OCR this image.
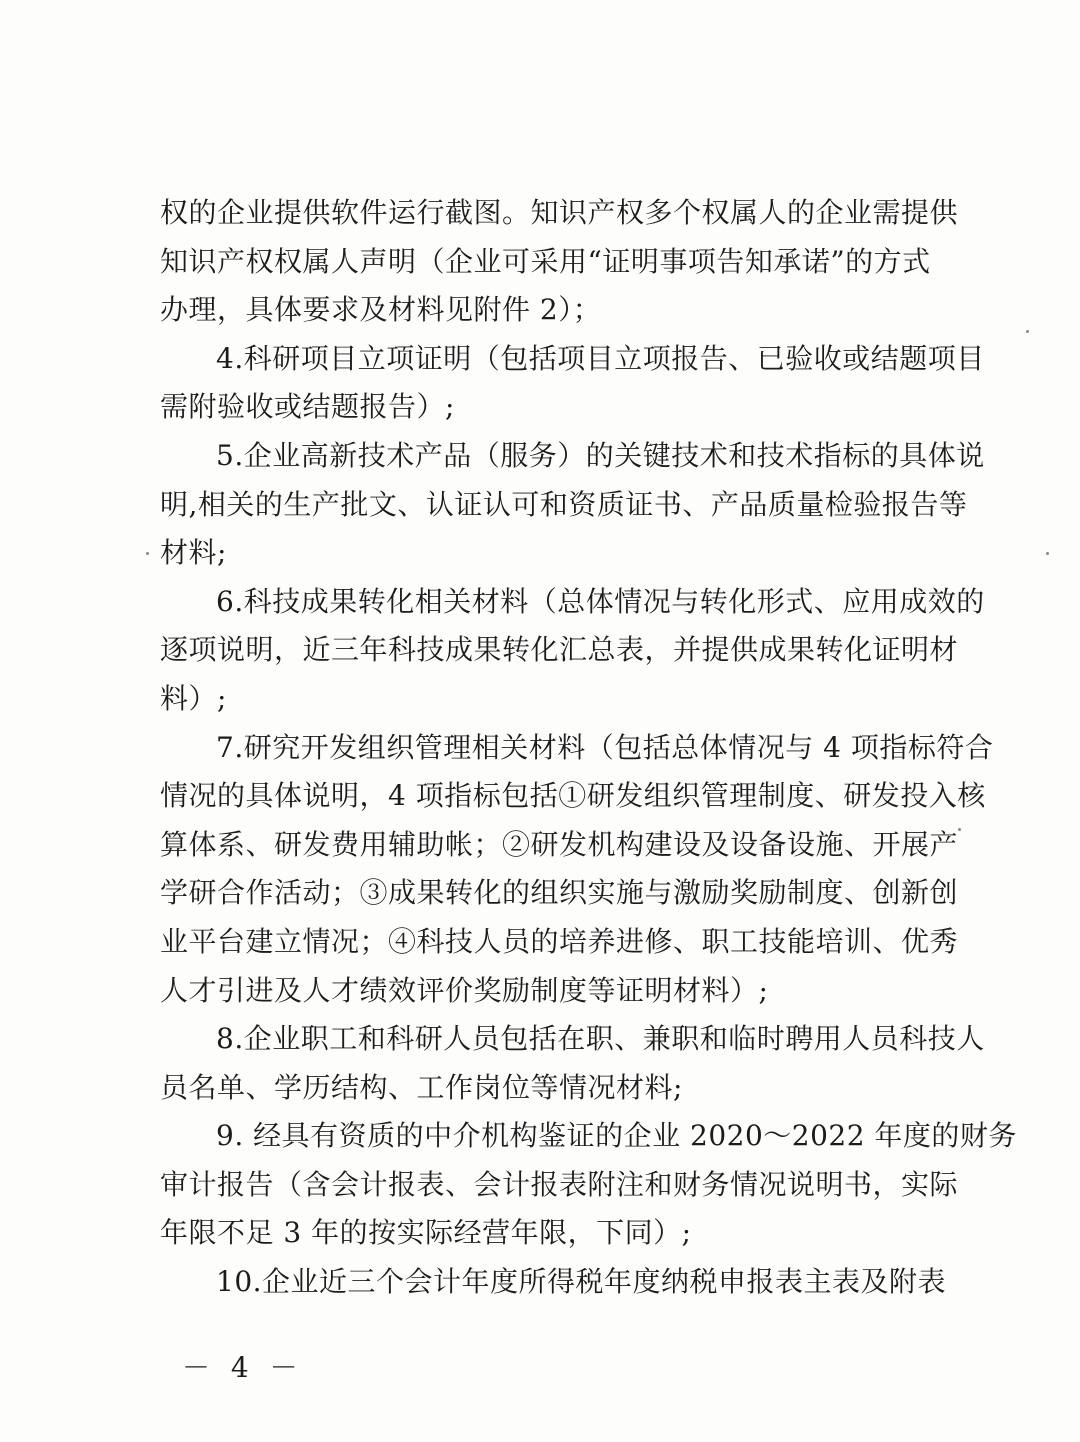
权的企业提供软件运行截图。知识产权多个权属人的企业需提供
知识产权权属人声明（企业可采用“证明事项告知承诺”的方式
办理，具体要求及材料见附件 2）；
4.科研项目立项证明（包括项目立项报告、已验收或结题项目
需附验收或结题报告）;
5.企业高新技术产品（服务）的关键技术和技术指标的具体说
明,相关的生产批文、认证认可和资质证书、产品质量检验报告等
材料;
6.科技成果转化相关材料（总体情况与转化形式、应用成效的
逐项说明，近三年科技成果转化汇总表，并提供成果转化证明材
料）;
7.研究开发组织管理相关材料（包括总体情况与 4 项指标符合
情况的具体说明，4 项指标包括①研发组织管理制度、研发投入核
算体系、研发费用辅助帐；②研发机构建设及设备设施、开展产
学研合作活动；③成果转化的组织实施与激励奖励制度、创新创
业平台建立情况；④科技人员的培养进修、职工技能培训、优秀
人才引进及人才绩效评价奖励制度等证明材料）;
8.企业职工和科研人员包括在职、兼职和临时聘用人员科技人
员名单、学历结构、工作岗位等情况材料;
9. 经具有资质的中介机构鉴证的企业 2020～2022 年度的财务
审计报告（含会计报表、会计报表附注和财务情况说明书，实际
年限不足 3 年的按实际经营年限，下同）;
10.企业近三个会计年度所得税年度纳税申报表主表及附表
－ 4 －
